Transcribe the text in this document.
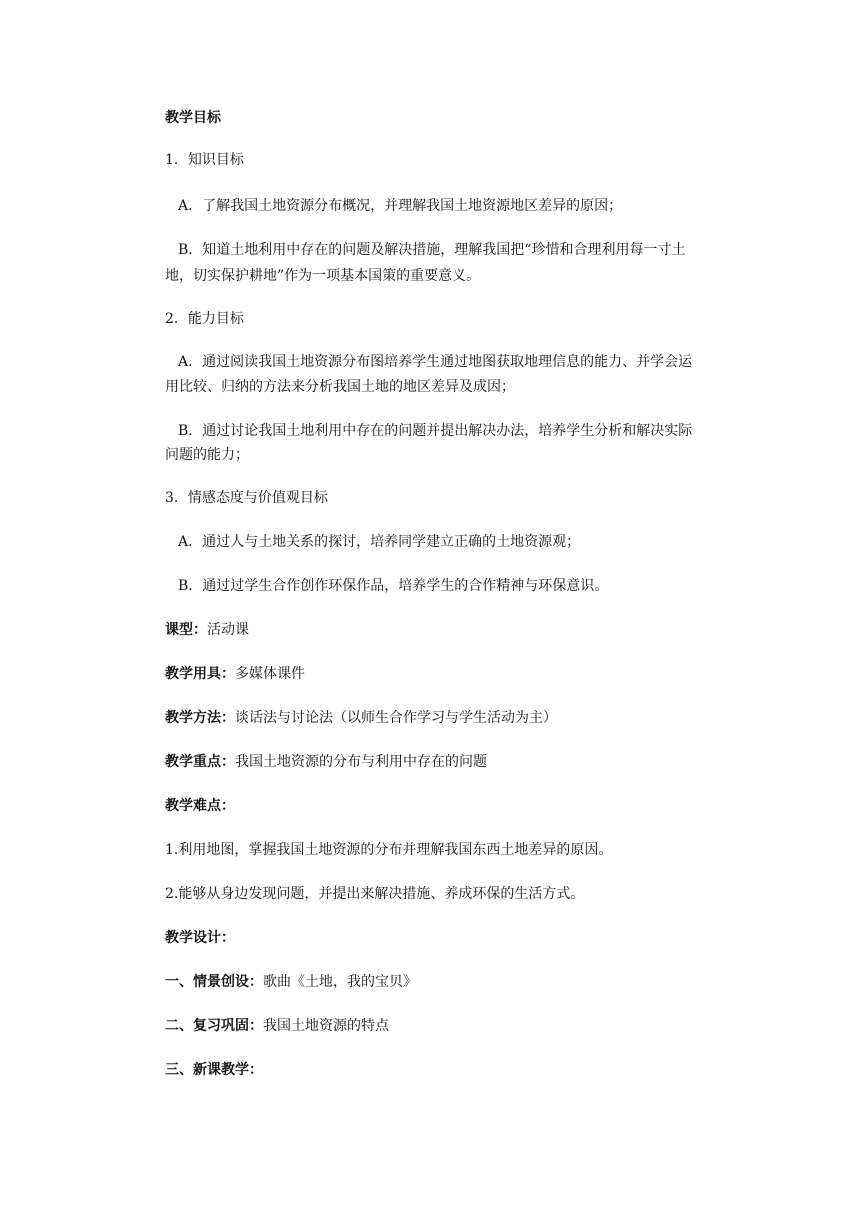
教学目标
1．知识目标
A．了解我国土地资源分布概况，并理解我国土地资源地区差异的原因；
B．知道土地利用中存在的问题及解决措施，理解我国把“珍惜和合理利用每一寸土
地，切实保护耕地”作为一项基本国策的重要意义。
2．能力目标
A．通过阅读我国土地资源分布图培养学生通过地图获取地理信息的能力、并学会运
用比较、归纳的方法来分析我国土地的地区差异及成因；
B．通过讨论我国土地利用中存在的问题并提出解决办法，培养学生分析和解决实际
问题的能力；
3．情感态度与价值观目标
A．通过人与土地关系的探讨，培养同学建立正确的土地资源观；
B．通过过学生合作创作环保作品，培养学生的合作精神与环保意识。
课型：活动课
教学用具：多媒体课件
教学方法：谈话法与讨论法（以师生合作学习与学生活动为主）
教学重点：我国土地资源的分布与利用中存在的问题
教学难点：
1.利用地图，掌握我国土地资源的分布并理解我国东西土地差异的原因。
2.能够从身边发现问题，并提出来解决措施、养成环保的生活方式。
教学设计：
一、情景创设：歌曲《土地，我的宝贝》
二、复习巩固：我国土地资源的特点
三、新课教学：
